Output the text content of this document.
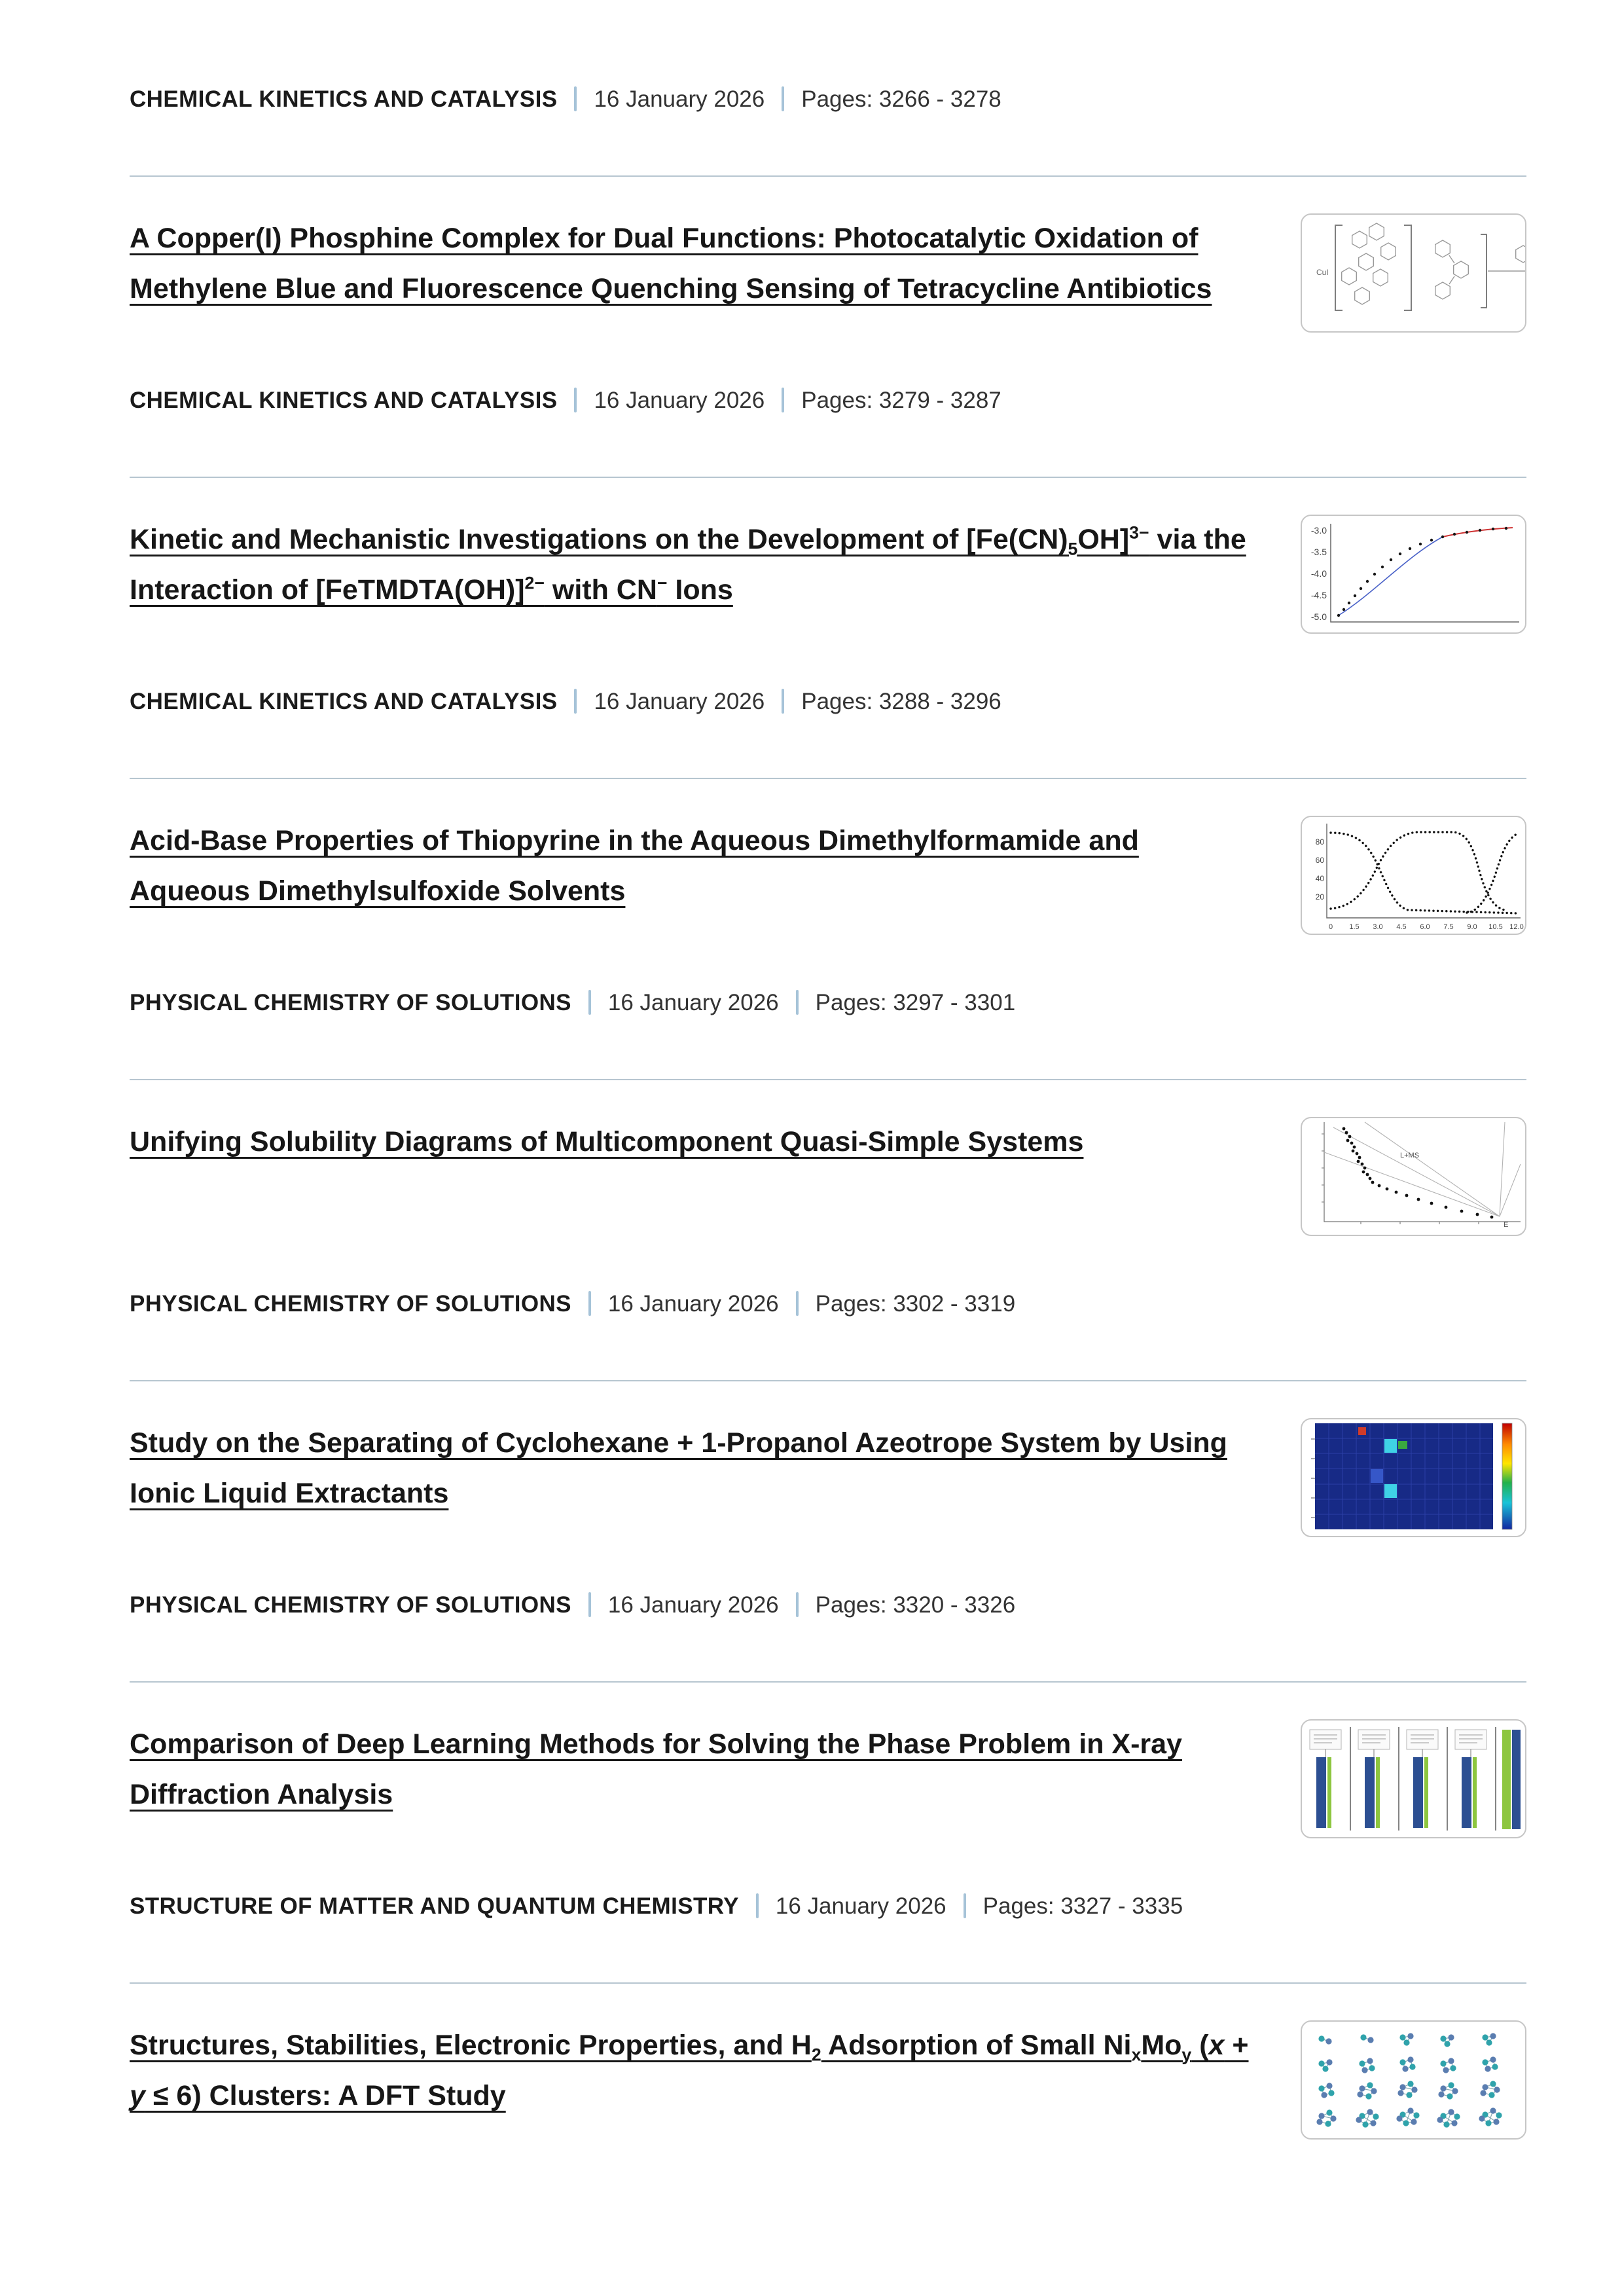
CHEMICAL KINETICS AND CATALYSIS 16 January 2026 Pages: 3266 - 3278

A Copper(I) Phosphine Complex for Dual Functions: Photocatalytic Oxidation of Methylene Blue and Fluorescence Quenching Sensing of Tetracycline Antibiotics
CuI

CHEMICAL KINETICS AND CATALYSIS 16 January 2026 Pages: 3279 - 3287

Kinetic and Mechanistic Investigations on the Development of $[Fe(CN)_5OH]^{3-}$ via the Interaction of [FeTMDTA(OH)]$^{2-}$ with CN− Ions
-3.0
-3.5
-4.0
-4.5
-5.0

CHEMICAL KINETICS AND CATALYSIS 16 January 2026 Pages: 3288 - 3296

Acid-Base Properties of Thiopyrine in the Aqueous Dimethylformamide and Aqueous Dimethylsulfoxide Solvents
80
60
40
20
0 1.5 3.0 4.5 6.0 7.5 9.0 10.5 12.0

PHYSICAL CHEMISTRY OF SOLUTIONS 16 January 2026 Pages: 3297 - 3301

Unifying Solubility Diagrams of Multicomponent Quasi-Simple Systems	L+MS
E

PHYSICAL CHEMISTRY OF SOLUTIONS 16 January 2026 Pages: 3302 - 3319

Study on the Separating of Cyclohexane + 1-Propanol Azeotrope System by Using Ionic Liquid Extractants

PHYSICAL CHEMISTRY OF SOLUTIONS 16 January 2026 Pages: 3320 - 3326

Comparison of Deep Learning Methods for Solving the Phase Problem in X-ray Diffraction Analysis

STRUCTURE OF MATTER AND QUANTUM CHEMISTRY 16 January 2026 Pages: 3327 - 3335

Structures, Stabilities, Electronic Properties, and $H_2$ Adsorption of Small $Ni_xMo_y$ (x + y ≤ 6) Clusters: A DFT Study
